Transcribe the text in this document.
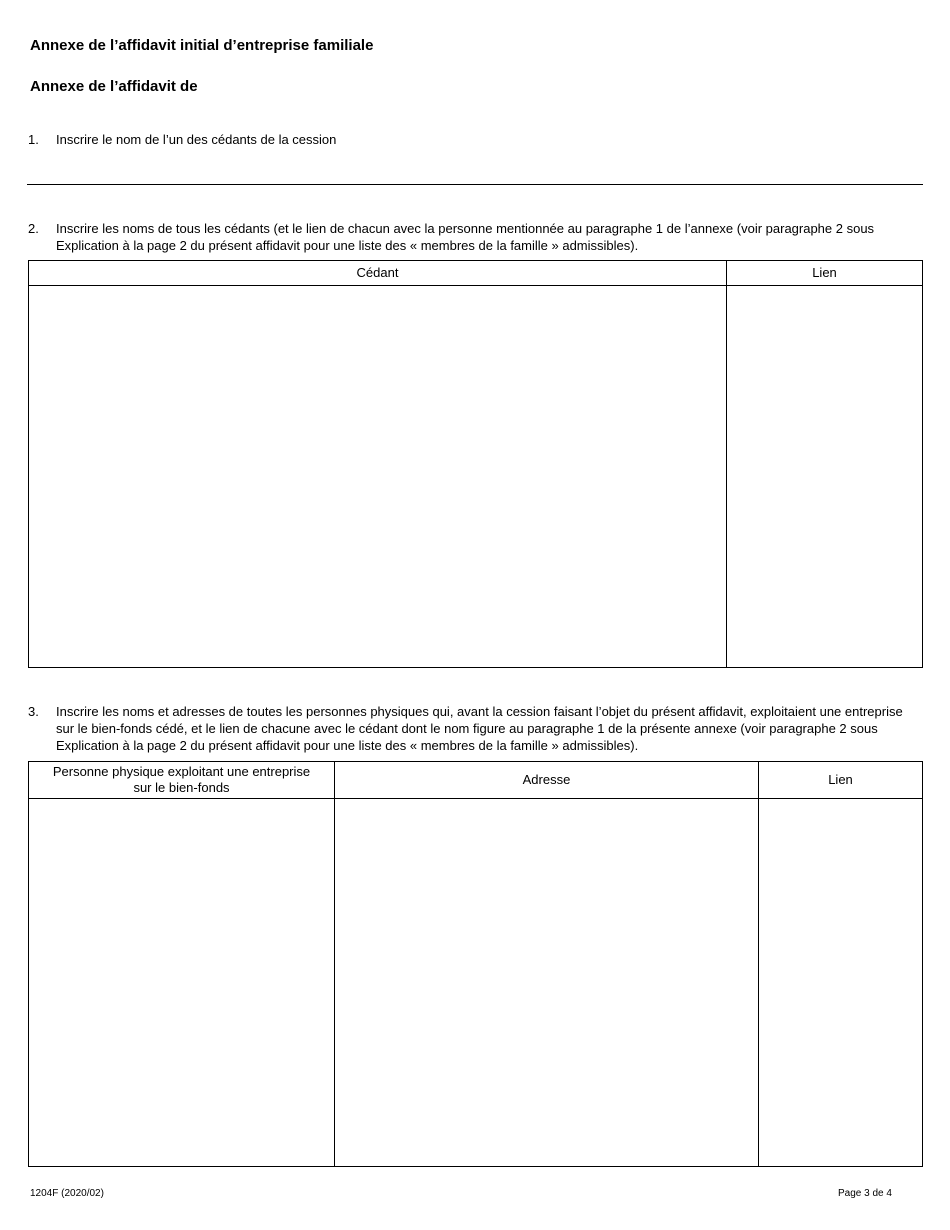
Annexe de l’affidavit initial d’entreprise familiale
Annexe de l’affidavit de
1. Inscrire le nom de l’un des cédants de la cession
2. Inscrire les noms de tous les cédants (et le lien de chacun avec la personne mentionnée au paragraphe 1 de l’annexe (voir paragraphe 2 sous Explication à la page 2 du présent affidavit pour une liste des « membres de la famille » admissibles).
Cédant	Lien

3. Inscrire les noms et adresses de toutes les personnes physiques qui, avant la cession faisant l’objet du présent affidavit, exploitaient une entreprise sur le bien-fonds cédé, et le lien de chacune avec le cédant dont le nom figure au paragraphe 1 de la présente annexe (voir paragraphe 2 sous Explication à la page 2 du présent affidavit pour une liste des « membres de la famille » admissibles).
Personne physique exploitant une entreprise sur le bien-fonds	Adresse	Lien

1204F (2020/02)	Page 3 de 4
